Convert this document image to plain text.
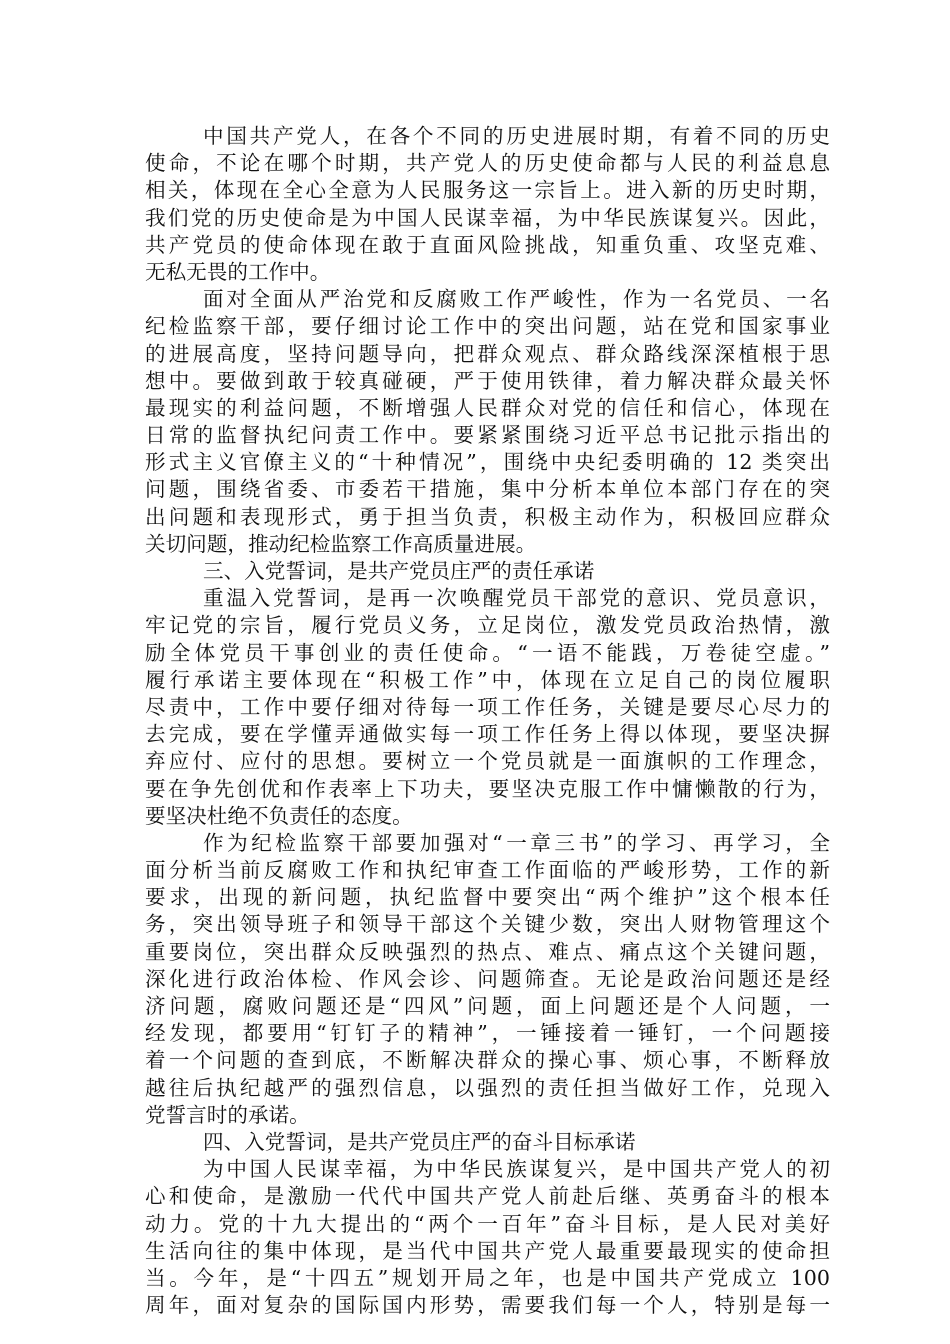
中国共产党人，在各个不同的历史进展时期，有着不同的历史
使命，不论在哪个时期，共产党人的历史使命都与人民的利益息息
相关，体现在全心全意为人民服务这一宗旨上。进入新的历史时期，
我们党的历史使命是为中国人民谋幸福，为中华民族谋复兴。因此，
共产党员的使命体现在敢于直面风险挑战，知重负重、攻坚克难、
无私无畏的工作中。
面对全面从严治党和反腐败工作严峻性，作为一名党员、一名
纪检监察干部，要仔细讨论工作中的突出问题，站在党和国家事业
的进展高度，坚持问题导向，把群众观点、群众路线深深植根于思
想中。要做到敢于较真碰硬，严于使用铁律，着力解决群众最关怀
最现实的利益问题，不断增强人民群众对党的信任和信心，体现在
日常的监督执纪问责工作中。要紧紧围绕习近平总书记批示指出的
形式主义官僚主义的“十种情况”，围绕中央纪委明确的 12 类突出
问题，围绕省委、市委若干措施，集中分析本单位本部门存在的突
出问题和表现形式，勇于担当负责，积极主动作为，积极回应群众
关切问题，推动纪检监察工作高质量进展。
三、入党誓词，是共产党员庄严的责任承诺
重温入党誓词，是再一次唤醒党员干部党的意识、党员意识，
牢记党的宗旨，履行党员义务，立足岗位，激发党员政治热情，激
励全体党员干事创业的责任使命。“一语不能践，万卷徒空虚。”
履行承诺主要体现在“积极工作”中，体现在立足自己的岗位履职
尽责中，工作中要仔细对待每一项工作任务，关键是要尽心尽力的
去完成，要在学懂弄通做实每一项工作任务上得以体现，要坚决摒
弃应付、应付的思想。要树立一个党员就是一面旗帜的工作理念，
要在争先创优和作表率上下功夫，要坚决克服工作中慵懒散的行为，
要坚决杜绝不负责任的态度。
作为纪检监察干部要加强对“一章三书”的学习、再学习，全
面分析当前反腐败工作和执纪审查工作面临的严峻形势，工作的新
要求，出现的新问题，执纪监督中要突出“两个维护”这个根本任
务，突出领导班子和领导干部这个关键少数，突出人财物管理这个
重要岗位，突出群众反映强烈的热点、难点、痛点这个关键问题，
深化进行政治体检、作风会诊、问题筛查。无论是政治问题还是经
济问题，腐败问题还是“四风”问题，面上问题还是个人问题，一
经发现，都要用“钉钉子的精神”，一锤接着一锤钉，一个问题接
着一个问题的查到底，不断解决群众的操心事、烦心事，不断释放
越往后执纪越严的强烈信息，以强烈的责任担当做好工作，兑现入
党誓言时的承诺。
四、入党誓词，是共产党员庄严的奋斗目标承诺
为中国人民谋幸福，为中华民族谋复兴，是中国共产党人的初
心和使命，是激励一代代中国共产党人前赴后继、英勇奋斗的根本
动力。党的十九大提出的“两个一百年”奋斗目标，是人民对美好
生活向往的集中体现，是当代中国共产党人最重要最现实的使命担
当。今年，是“十四五”规划开局之年，也是中国共产党成立 100
周年，面对复杂的国际国内形势，需要我们每一个人，特别是每一
